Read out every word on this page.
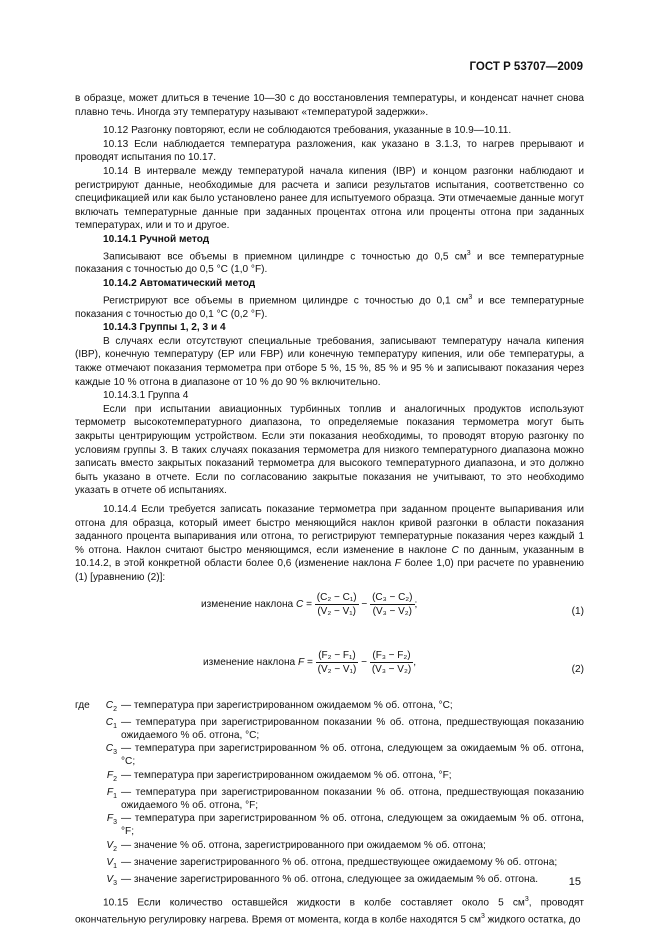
ГОСТ Р 53707—2009

в образце, может длиться в течение 10—30 с до восстановления температуры, и конденсат начнет снова плавно течь. Иногда эту температуру называют «температурой задержки».

10.12 Разгонку повторяют, если не соблюдаются требования, указанные в 10.9—10.11.

10.13 Если наблюдается температура разложения, как указано в 3.1.3, то нагрев прерывают и проводят испытания по 10.17.

10.14 В интервале между температурой начала кипения (IBP) и концом разгонки наблюдают и регистрируют данные, необходимые для расчета и записи результатов испытания, соответственно со спецификацией или как было установлено ранее для испытуемого образца. Эти отмечаемые данные могут включать температурные данные при заданных процентах отгона или проценты отгона при заданных температурах, или и то и другое.

10.14.1 Ручной метод

Записывают все объемы в приемном цилиндре с точностью до 0,5 $см^3$ и все температурные показания с точностью до 0,5 °C (1,0 °F).

10.14.2 Автоматический метод

Регистрируют все объемы в приемном цилиндре с точностью до 0,1 $см^3$ и все температурные показания с точностью до 0,1 °C (0,2 °F).

10.14.3 Группы 1, 2, 3 и 4

В случаях если отсутствуют специальные требования, записывают температуру начала кипения (IBP), конечную температуру (EP или FBP) или конечную температуру кипения, или обе температуры, а также отмечают показания термометра при отборе 5 %, 15 %, 85 % и 95 % и записывают показания через каждые 10 % отгона в диапазоне от 10 % до 90 % включительно.

10.14.3.1 Группа 4

Если при испытании авиационных турбинных топлив и аналогичных продуктов используют термометр высокотемпературного диапазона, то определяемые показания термометра могут быть закрыты центрирующим устройством. Если эти показания необходимы, то проводят вторую разгонку по условиям группы 3. В таких случаях показания термометра для низкого температурного диапазона можно записать вместо закрытых показаний термометра для высокого температурного диапазона, и это должно быть указано в отчете. Если по согласованию закрытые показания не учитывают, то это необходимо указать в отчете об испытаниях.

10.14.4 Если требуется записать показание термометра при заданном проценте выпаривания или отгона для образца, который имеет быстро меняющийся наклон кривой разгонки в области показания заданного процента выпаривания или отгона, то регистрируют температурные показания через каждый 1 % отгона. Наклон считают быстро меняющимся, если изменение в наклоне C по данным, указанным в 10.14.2, в этой конкретной области более 0,6 (изменение наклона F более 1,0) при расчете по уравнению (1) [уравнению (2)]:

изменение наклона $C = \frac{\text{(C₂ − C₁)}}{\text{(V₂ − V₁)}} - \frac{\text{(C₃ − C₂)}}{\text{(V₃ − V₂)}}$ ;
(1)
изменение наклона $F = \frac{\text{(F₂ − F₁)}}{\text{(V₂ − V₁)}} - \frac{\text{(F₃ − F₂)}}{\text{(V₃ − V₂)}}$ ,
(2)
где	$C_2$	— температура при зарегистрированном ожидаемом % об. отгона, °C;
	$C_1$	— температура при зарегистрированном показании % об. отгона, предшествующая показанию ожидаемого % об. отгона, °C;
	$C_3$	— температура при зарегистрированном % об. отгона, следующем за ожидаемым % об. отгона, °C;
	$F_2$	— температура при зарегистрированном ожидаемом % об. отгона, °F;
	$F_1$	— температура при зарегистрированном показании % об. отгона, предшествующая показанию ожидаемого % об. отгона, °F;
	$F_3$	— температура при зарегистрированном % об. отгона, следующем за ожидаемым % об. отгона, °F;
	$V_2$	— значение % об. отгона, зарегистрированного при ожидаемом % об. отгона;
	$V_1$	— значение зарегистрированного % об. отгона, предшествующее ожидаемому % об. отгона;
	$V_3$	— значение зарегистрированного % об. отгона, следующее за ожидаемым % об. отгона.

10.15 Если количество оставшейся жидкости в колбе составляет около 5 $см^3$, проводят окончательную регулировку нагрева. Время от момента, когда в колбе находятся 5 $см^3$ жидкого остатка, до

15
